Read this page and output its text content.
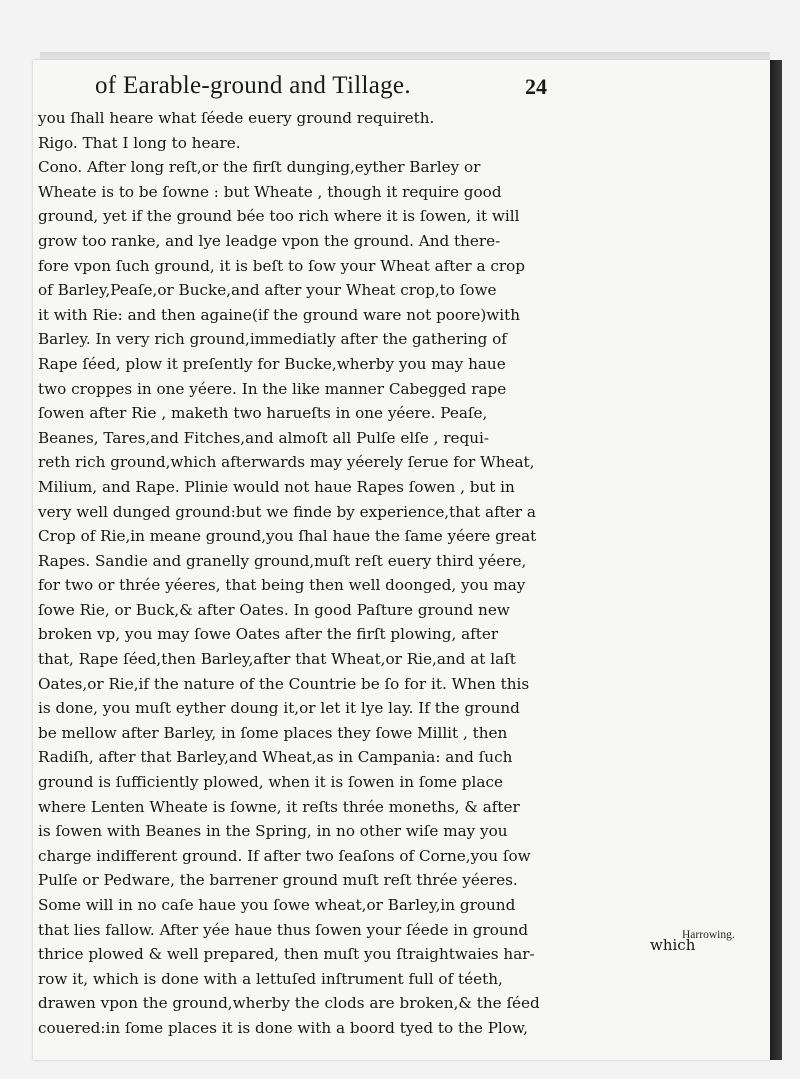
of Earable-ground and Tillage.	24
you ſhall heare what ſéede euery ground requireth.
Rigo. That I long to heare.
Cono. After long reſt,or the firſt dunging,eyther Barley or
Wheate is to be ſowne : but Wheate , though it require good
ground, yet if the ground bée too rich where it is ſowen, it will
grow too ranke, and lye leadge vpon the ground. And there-
fore vpon ſuch ground, it is beſt to ſow your Wheat after a crop
of Barley,Peaſe,or Bucke,and after your Wheat crop,to ſowe
it with Rie: and then againe(if the ground ware not poore)with
Barley. In very rich ground,immediatly after the gathering of
Rape ſéed, plow it preſently for Bucke,wherby you may haue
two croppes in one yéere. In the like manner Cabegged rape
ſowen after Rie , maketh two harueſts in one yéere. Peaſe,
Beanes, Tares,and Fitches,and almoſt all Pulſe elſe , requi-
reth rich ground,which afterwards may yéerely ſerue for Wheat,
Milium, and Rape. Plinie would not haue Rapes ſowen , but in
very well dunged ground:but we finde by experience,that after a
Crop of Rie,in meane ground,you ſhal haue the ſame yéere great
Rapes. Sandie and granelly ground,muſt reſt euery third yéere,
for two or thrée yéeres, that being then well doonged, you may
ſowe Rie, or Buck,& after Oates. In good Paſture ground new
broken vp, you may ſowe Oates after the firſt plowing, after
that, Rape ſéed,then Barley,after that Wheat,or Rie,and at laſt
Oates,or Rie,if the nature of the Countrie be ſo for it. When this
is done, you muſt eyther doung it,or let it lye lay. If the ground
be mellow after Barley, in ſome places they ſowe Millit , then
Radiſh, after that Barley,and Wheat,as in Campania: and ſuch
ground is ſufficiently plowed, when it is ſowen in ſome place
where Lenten Wheate is ſowne, it reſts thrée moneths, & after
is ſowen with Beanes in the Spring, in no other wiſe may you
charge indifferent ground. If after two ſeaſons of Corne,you ſow
Pulſe or Pedware, the barrener ground muſt reſt thrée yéeres.
Some will in no caſe haue you ſowe wheat,or Barley,in ground
that lies fallow. After yée haue thus ſowen your ſéede in ground
thrice plowed & well prepared, then muſt you ſtraightwaies har-
row it, which is done with a lettuſed inſtrument full of téeth,
drawen vpon the ground,wherby the clods are broken,& the ſéed
couered:in ſome places it is done with a boord tyed to the Plow,
Harrowing.
which
